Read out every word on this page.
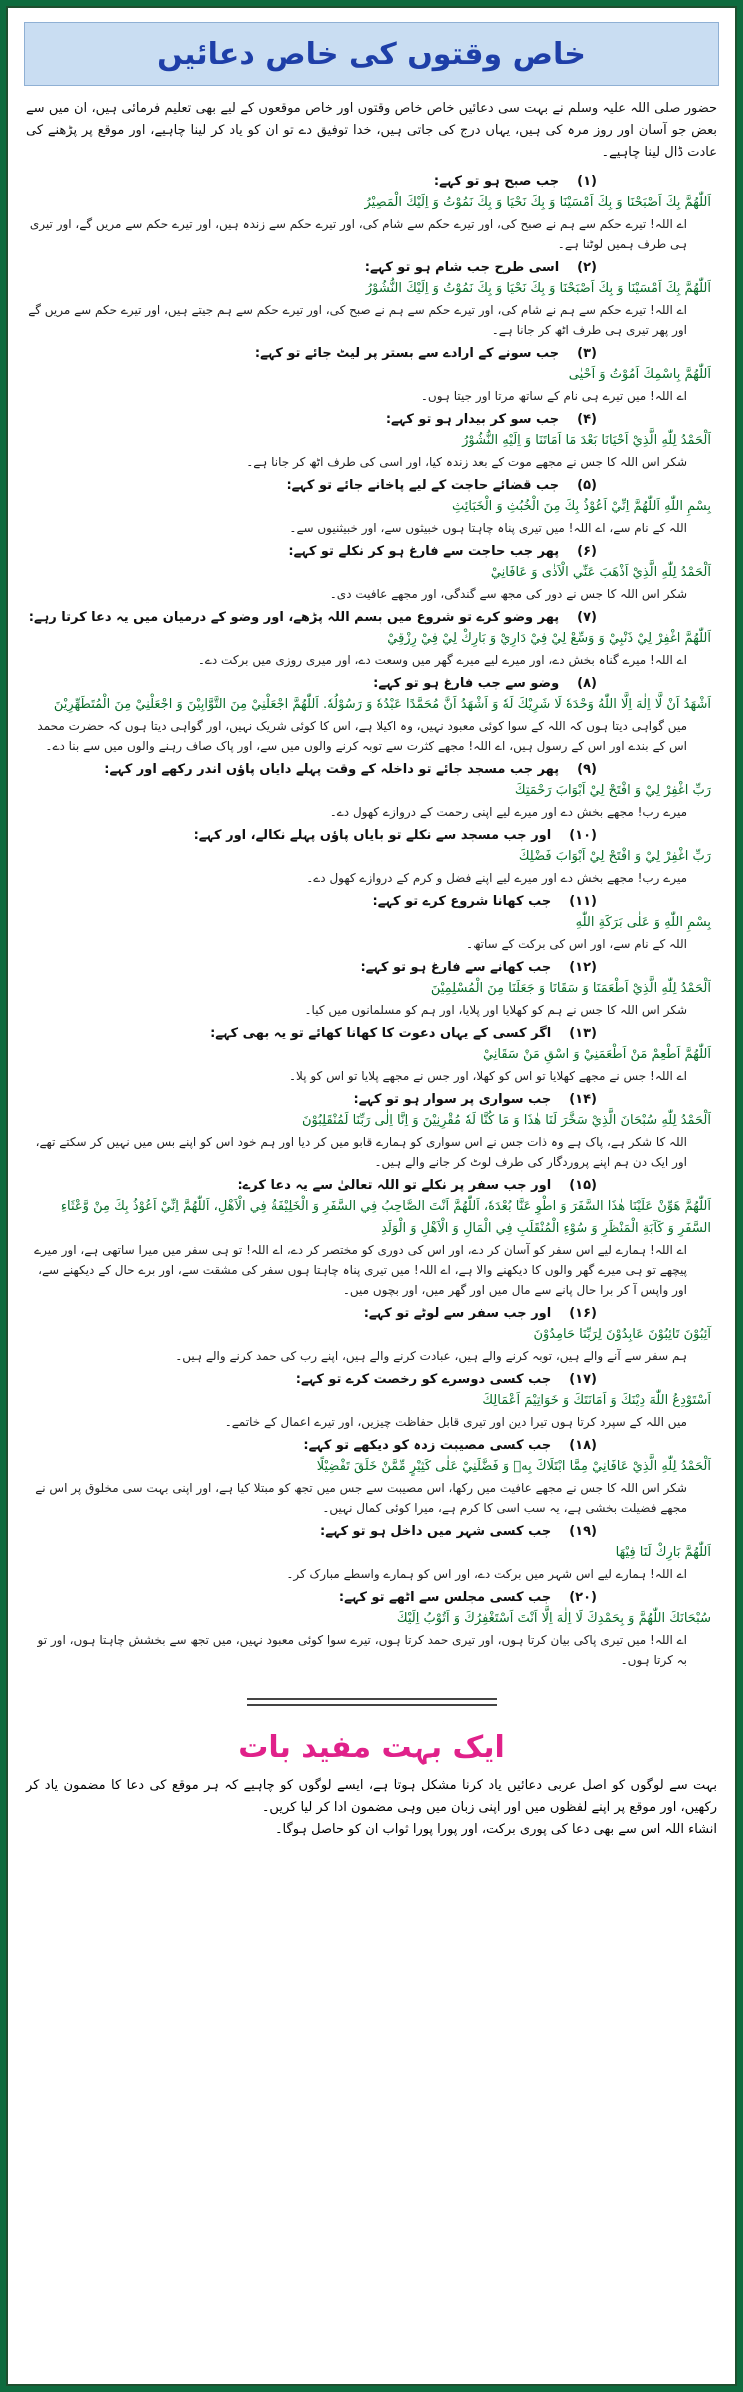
خاص وقتوں کی خاص دعائیں

حضور صلی اللہ علیہ وسلم نے بہت سی دعائیں خاص خاص وقتوں اور خاص موقعوں کے لیے بھی تعلیم فرمائی ہیں، ان میں سے بعض جو آسان اور روز مرہ کی ہیں، یہاں درج کی جاتی ہیں، خدا توفیق دے تو ان کو یاد کر لینا چاہیے، اور موقع پر پڑھنے کی عادت ڈال لینا چاہیے۔

(۱)جب صبح ہو تو کہے:
اَللّٰهُمَّ بِكَ اَصْبَحْنَا وَ بِكَ اَمْسَيْنَا وَ بِكَ نَحْيَا وَ بِكَ نَمُوْتُ وَ اِلَيْكَ الْمَصِيْرُ
اے اللہ! تیرے حکم سے ہم نے صبح کی، اور تیرے حکم سے شام کی، اور تیرے حکم سے زندہ ہیں، اور تیرے حکم سے مریں گے، اور تیری ہی طرف ہمیں لوٹنا ہے۔
(۲)اسی طرح جب شام ہو تو کہے:
اَللّٰهُمَّ بِكَ اَمْسَيْنَا وَ بِكَ اَصْبَحْنَا وَ بِكَ نَحْيَا وَ بِكَ نَمُوْتُ وَ اِلَيْكَ النُّشُوْرُ
اے اللہ! تیرے حکم سے ہم نے شام کی، اور تیرے حکم سے ہم نے صبح کی، اور تیرے حکم سے ہم جیتے ہیں، اور تیرے حکم سے مریں گے اور پھر تیری ہی طرف اٹھ کر جانا ہے۔
(۳)جب سونے کے ارادے سے بستر پر لیٹ جائے تو کہے:
اَللّٰهُمَّ بِاسْمِكَ اَمُوْتُ وَ اَحْيٰى
اے اللہ! میں تیرے ہی نام کے ساتھ مرتا اور جیتا ہوں۔
(۴)جب سو کر بیدار ہو تو کہے:
اَلْحَمْدُ لِلّٰهِ الَّذِيْ اَحْيَانَا بَعْدَ مَا اَمَاتَنَا وَ اِلَيْهِ النُّشُوْرُ
شکر اس اللہ کا جس نے مجھے موت کے بعد زندہ کیا، اور اسی کی طرف اٹھ کر جانا ہے۔
(۵)جب قضائے حاجت کے لیے پاخانے جائے تو کہے:
بِسْمِ اللّٰهِ اَللّٰهُمَّ اِنِّيْ اَعُوْذُ بِكَ مِنَ الْخُبُثِ وَ الْخَبَائِثِ
اللہ کے نام سے، اے اللہ! میں تیری پناہ چاہتا ہوں خبیثوں سے، اور خبیثنیوں سے۔
(۶)پھر جب حاجت سے فارغ ہو کر نکلے تو کہے:
اَلْحَمْدُ لِلّٰهِ الَّذِيْ اَذْهَبَ عَنِّي الْاَذٰى وَ عَافَانِيْ
شکر اس اللہ کا جس نے دور کی مجھ سے گندگی، اور مجھے عافیت دی۔
(۷)پھر وضو کرے تو شروع میں بسم اللہ پڑھے، اور وضو کے درمیان میں یہ دعا کرتا رہے:
اَللّٰهُمَّ اغْفِرْ لِيْ ذَنْبِيْ وَ وَسِّعْ لِيْ فِيْ دَارِيْ وَ بَارِكْ لِيْ فِيْ رِزْقِيْ
اے اللہ! میرے گناہ بخش دے، اور میرے لیے میرے گھر میں وسعت دے، اور میری روزی میں برکت دے۔
(۸)وضو سے جب فارغ ہو تو کہے:
اَشْهَدُ اَنْ لَّا اِلٰهَ اِلَّا اللّٰهُ وَحْدَهٗ لَا شَرِيْكَ لَهٗ وَ اَشْهَدُ اَنَّ مُحَمَّدًا عَبْدُهٗ وَ رَسُوْلُهٗ. اَللّٰهُمَّ اجْعَلْنِيْ مِنَ التَّوَّابِيْنَ وَ اجْعَلْنِيْ مِنَ الْمُتَطَهِّرِيْنَ
میں گواہی دیتا ہوں کہ اللہ کے سوا کوئی معبود نہیں، وہ اکیلا ہے، اس کا کوئی شریک نہیں، اور گواہی دیتا ہوں کہ حضرت محمد اس کے بندے اور اس کے رسول ہیں، اے اللہ! مجھے کثرت سے توبہ کرنے والوں میں سے، اور پاک صاف رہنے والوں میں سے بنا دے۔
(۹)پھر جب مسجد جائے تو داخلہ کے وقت پہلے دایاں پاؤں اندر رکھے اور کہے:
رَبِّ اغْفِرْ لِيْ وَ افْتَحْ لِيْ اَبْوَابَ رَحْمَتِكَ
میرے رب! مجھے بخش دے اور میرے لیے اپنی رحمت کے دروازے کھول دے۔
(۱۰)اور جب مسجد سے نکلے تو بایاں پاؤں پہلے نکالے، اور کہے:
رَبِّ اغْفِرْ لِيْ وَ افْتَحْ لِيْ اَبْوَابَ فَضْلِكَ
میرے رب! مجھے بخش دے اور میرے لیے اپنے فضل و کرم کے دروازے کھول دے۔
(۱۱)جب کھانا شروع کرے تو کہے:
بِسْمِ اللّٰهِ وَ عَلٰى بَرَكَةِ اللّٰهِ
اللہ کے نام سے، اور اس کی برکت کے ساتھ۔
(۱۲)جب کھانے سے فارغ ہو تو کہے:
اَلْحَمْدُ لِلّٰهِ الَّذِيْ اَطْعَمَنَا وَ سَقَانَا وَ جَعَلَنَا مِنَ الْمُسْلِمِيْنَ
شکر اس اللہ کا جس نے ہم کو کھلایا اور پلایا، اور ہم کو مسلمانوں میں کیا۔
(۱۳)اگر کسی کے یہاں دعوت کا کھانا کھائے تو یہ بھی کہے:
اَللّٰهُمَّ اَطْعِمْ مَنْ اَطْعَمَنِيْ وَ اسْقِ مَنْ سَقَانِيْ
اے اللہ! جس نے مجھے کھلایا تو اس کو کھلا، اور جس نے مجھے پلایا تو اس کو پلا۔
(۱۴)جب سواری پر سوار ہو تو کہے:
اَلْحَمْدُ لِلّٰهِ سُبْحَانَ الَّذِيْ سَخَّرَ لَنَا هٰذَا وَ مَا كُنَّا لَهٗ مُقْرِنِيْنَ وَ اِنَّا اِلٰى رَبِّنَا لَمُنْقَلِبُوْنَ
اللہ کا شکر ہے، پاک ہے وہ ذات جس نے اس سواری کو ہمارے قابو میں کر دیا اور ہم خود اس کو اپنے بس میں نہیں کر سکتے تھے، اور ایک دن ہم اپنے پروردگار کی طرف لوٹ کر جانے والے ہیں۔
(۱۵)اور جب سفر پر نکلے تو اللہ تعالیٰ سے یہ دعا کرے:
اَللّٰهُمَّ هَوِّنْ عَلَيْنَا هٰذَا السَّفَرَ وَ اطْوِ عَنَّا بُعْدَهٗ، اَللّٰهُمَّ اَنْتَ الصَّاحِبُ فِي السَّفَرِ وَ الْخَلِيْفَةُ فِي الْاَهْلِ، اَللّٰهُمَّ اِنِّيْ اَعُوْذُ بِكَ مِنْ وَّعْثَاءِ السَّفَرِ وَ كَآبَةِ الْمَنْظَرِ وَ سُوْءِ الْمُنْقَلَبِ فِي الْمَالِ وَ الْاَهْلِ وَ الْوَلَدِ
اے اللہ! ہمارے لیے اس سفر کو آسان کر دے، اور اس کی دوری کو مختصر کر دے، اے اللہ! تو ہی سفر میں میرا ساتھی ہے، اور میرے پیچھے تو ہی میرے گھر والوں کا دیکھنے والا ہے، اے اللہ! میں تیری پناہ چاہتا ہوں سفر کی مشقت سے، اور برے حال کے دیکھنے سے، اور واپس آ کر برا حال پانے سے مال میں اور گھر میں، اور بچوں میں۔
(۱۶)اور جب سفر سے لوٹے تو کہے:
آئِبُوْنَ تَائِبُوْنَ عَابِدُوْنَ لِرَبِّنَا حَامِدُوْنَ
ہم سفر سے آنے والے ہیں، توبہ کرنے والے ہیں، عبادت کرنے والے ہیں، اپنے رب کی حمد کرنے والے ہیں۔
(۱۷)جب کسی دوسرے کو رخصت کرے تو کہے:
اَسْتَوْدِعُ اللّٰهَ دِيْنَكَ وَ اَمَانَتَكَ وَ خَوَاتِيْمَ اَعْمَالِكَ
میں اللہ کے سپرد کرتا ہوں تیرا دین اور تیری قابل حفاظت چیزیں، اور تیرے اعمال کے خاتمے۔
(۱۸)جب کسی مصیبت زدہ کو دیکھے تو کہے:
اَلْحَمْدُ لِلّٰهِ الَّذِيْ عَافَانِيْ مِمَّا ابْتَلَاكَ بِهٖ وَ فَضَّلَنِيْ عَلٰى كَثِيْرٍ مِّمَّنْ خَلَقَ تَفْضِيْلًا
شکر اس اللہ کا جس نے مجھے عافیت میں رکھا، اس مصیبت سے جس میں تجھ کو مبتلا کیا ہے، اور اپنی بہت سی مخلوق پر اس نے مجھے فضیلت بخشی ہے، یہ سب اسی کا کرم ہے، میرا کوئی کمال نہیں۔
(۱۹)جب کسی شہر میں داخل ہو تو کہے:
اَللّٰهُمَّ بَارِكْ لَنَا فِيْهَا
اے اللہ! ہمارے لیے اس شہر میں برکت دے، اور اس کو ہمارے واسطے مبارک کر۔
(۲۰)جب کسی مجلس سے اٹھے تو کہے:
سُبْحَانَكَ اللّٰهُمَّ وَ بِحَمْدِكَ لَا اِلٰهَ اِلَّا اَنْتَ اَسْتَغْفِرُكَ وَ اَتُوْبُ اِلَيْكَ
اے اللہ! میں تیری پاکی بیان کرتا ہوں، اور تیری حمد کرتا ہوں، تیرے سوا کوئی معبود نہیں، میں تجھ سے بخشش چاہتا ہوں، اور تو بہ کرتا ہوں۔
ایک بہت مفید بات
بہت سے لوگوں کو اصل عربی دعائیں یاد کرنا مشکل ہوتا ہے، ایسے لوگوں کو چاہیے کہ ہر موقع کی دعا کا مضمون یاد کر رکھیں، اور موقع پر اپنے لفظوں میں اور اپنی زبان میں وہی مضمون ادا کر لیا کریں۔
انشاء اللہ اس سے بھی دعا کی پوری برکت، اور پورا پورا ثواب ان کو حاصل ہوگا۔
